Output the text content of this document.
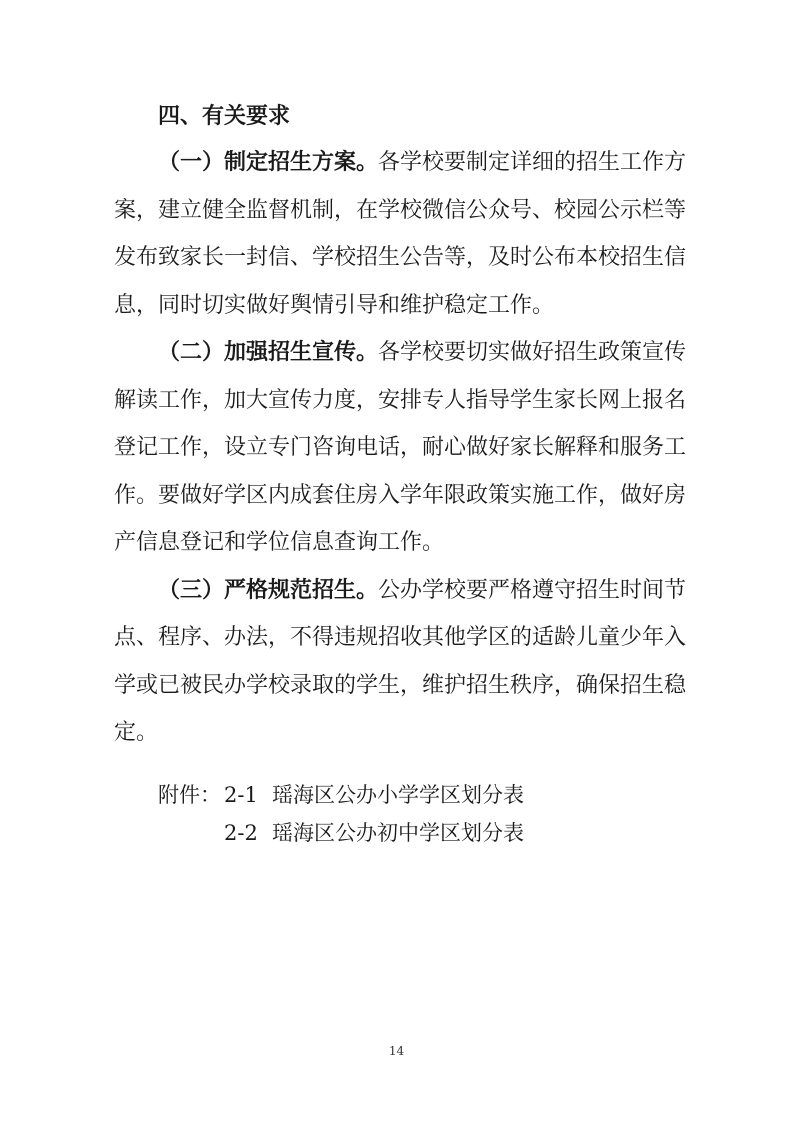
四、有关要求
（一）制定招生方案。各学校要制定详细的招生工作方
案，建立健全监督机制，在学校微信公众号、校园公示栏等
发布致家长一封信、学校招生公告等，及时公布本校招生信
息，同时切实做好舆情引导和维护稳定工作。
（二）加强招生宣传。各学校要切实做好招生政策宣传
解读工作，加大宣传力度，安排专人指导学生家长网上报名
登记工作，设立专门咨询电话，耐心做好家长解释和服务工
作。要做好学区内成套住房入学年限政策实施工作，做好房
产信息登记和学位信息查询工作。
（三）严格规范招生。公办学校要严格遵守招生时间节
点、程序、办法，不得违规招收其他学区的适龄儿童少年入
学或已被民办学校录取的学生，维护招生秩序，确保招生稳
定。
附件： 2-1 瑶海区公办小学学区划分表
2-2 瑶海区公办初中学区划分表
14
